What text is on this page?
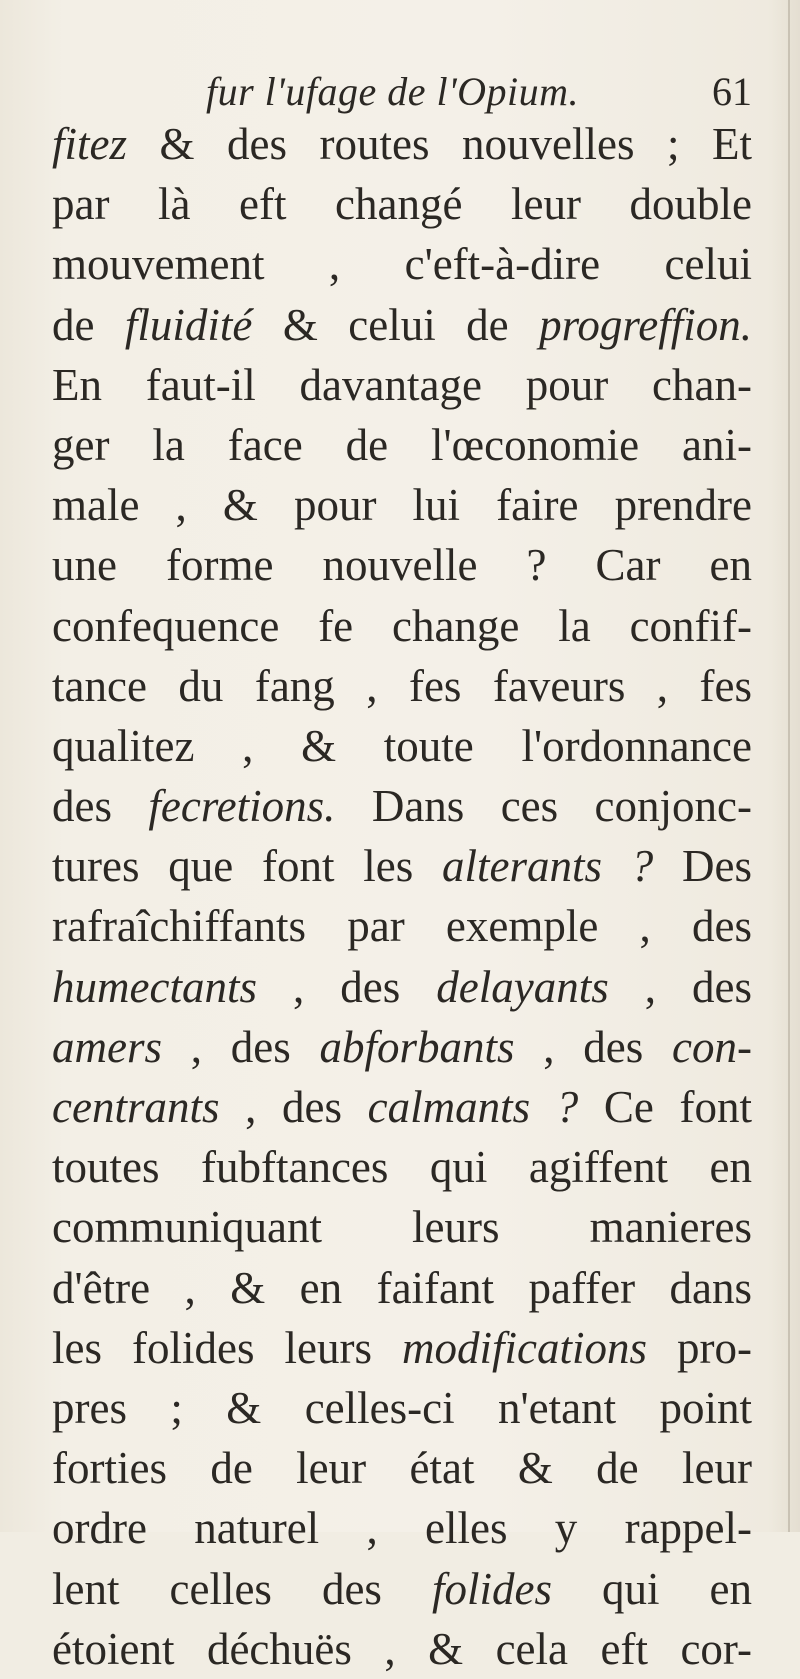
fur l'ufage de l'Opium.	61
fitez & des routes nouvelles ; Et
par là eft changé leur double
mouvement , c'eft-à-dire celui
de fluidité & celui de progreffion.
En faut-il davantage pour chan-
ger la face de l'œconomie ani-
male , & pour lui faire prendre
une forme nouvelle ? Car en
confequence fe change la confif-
tance du fang , fes faveurs , fes
qualitez , & toute l'ordonnance
des fecretions. Dans ces conjonc-
tures que font les alterants ? Des
rafraîchiffants par exemple , des
humectants , des delayants , des
amers , des abforbants , des con-
centrants , des calmants ? Ce font
toutes fubftances qui agiffent en
communiquant leurs manieres
d'être , & en faifant paffer dans
les folides leurs modifications pro-
pres ; & celles-ci n'etant point
forties de leur état & de leur
ordre naturel , elles y rappel-
lent celles des folides qui en
étoient déchuës , & cela eft cor-
